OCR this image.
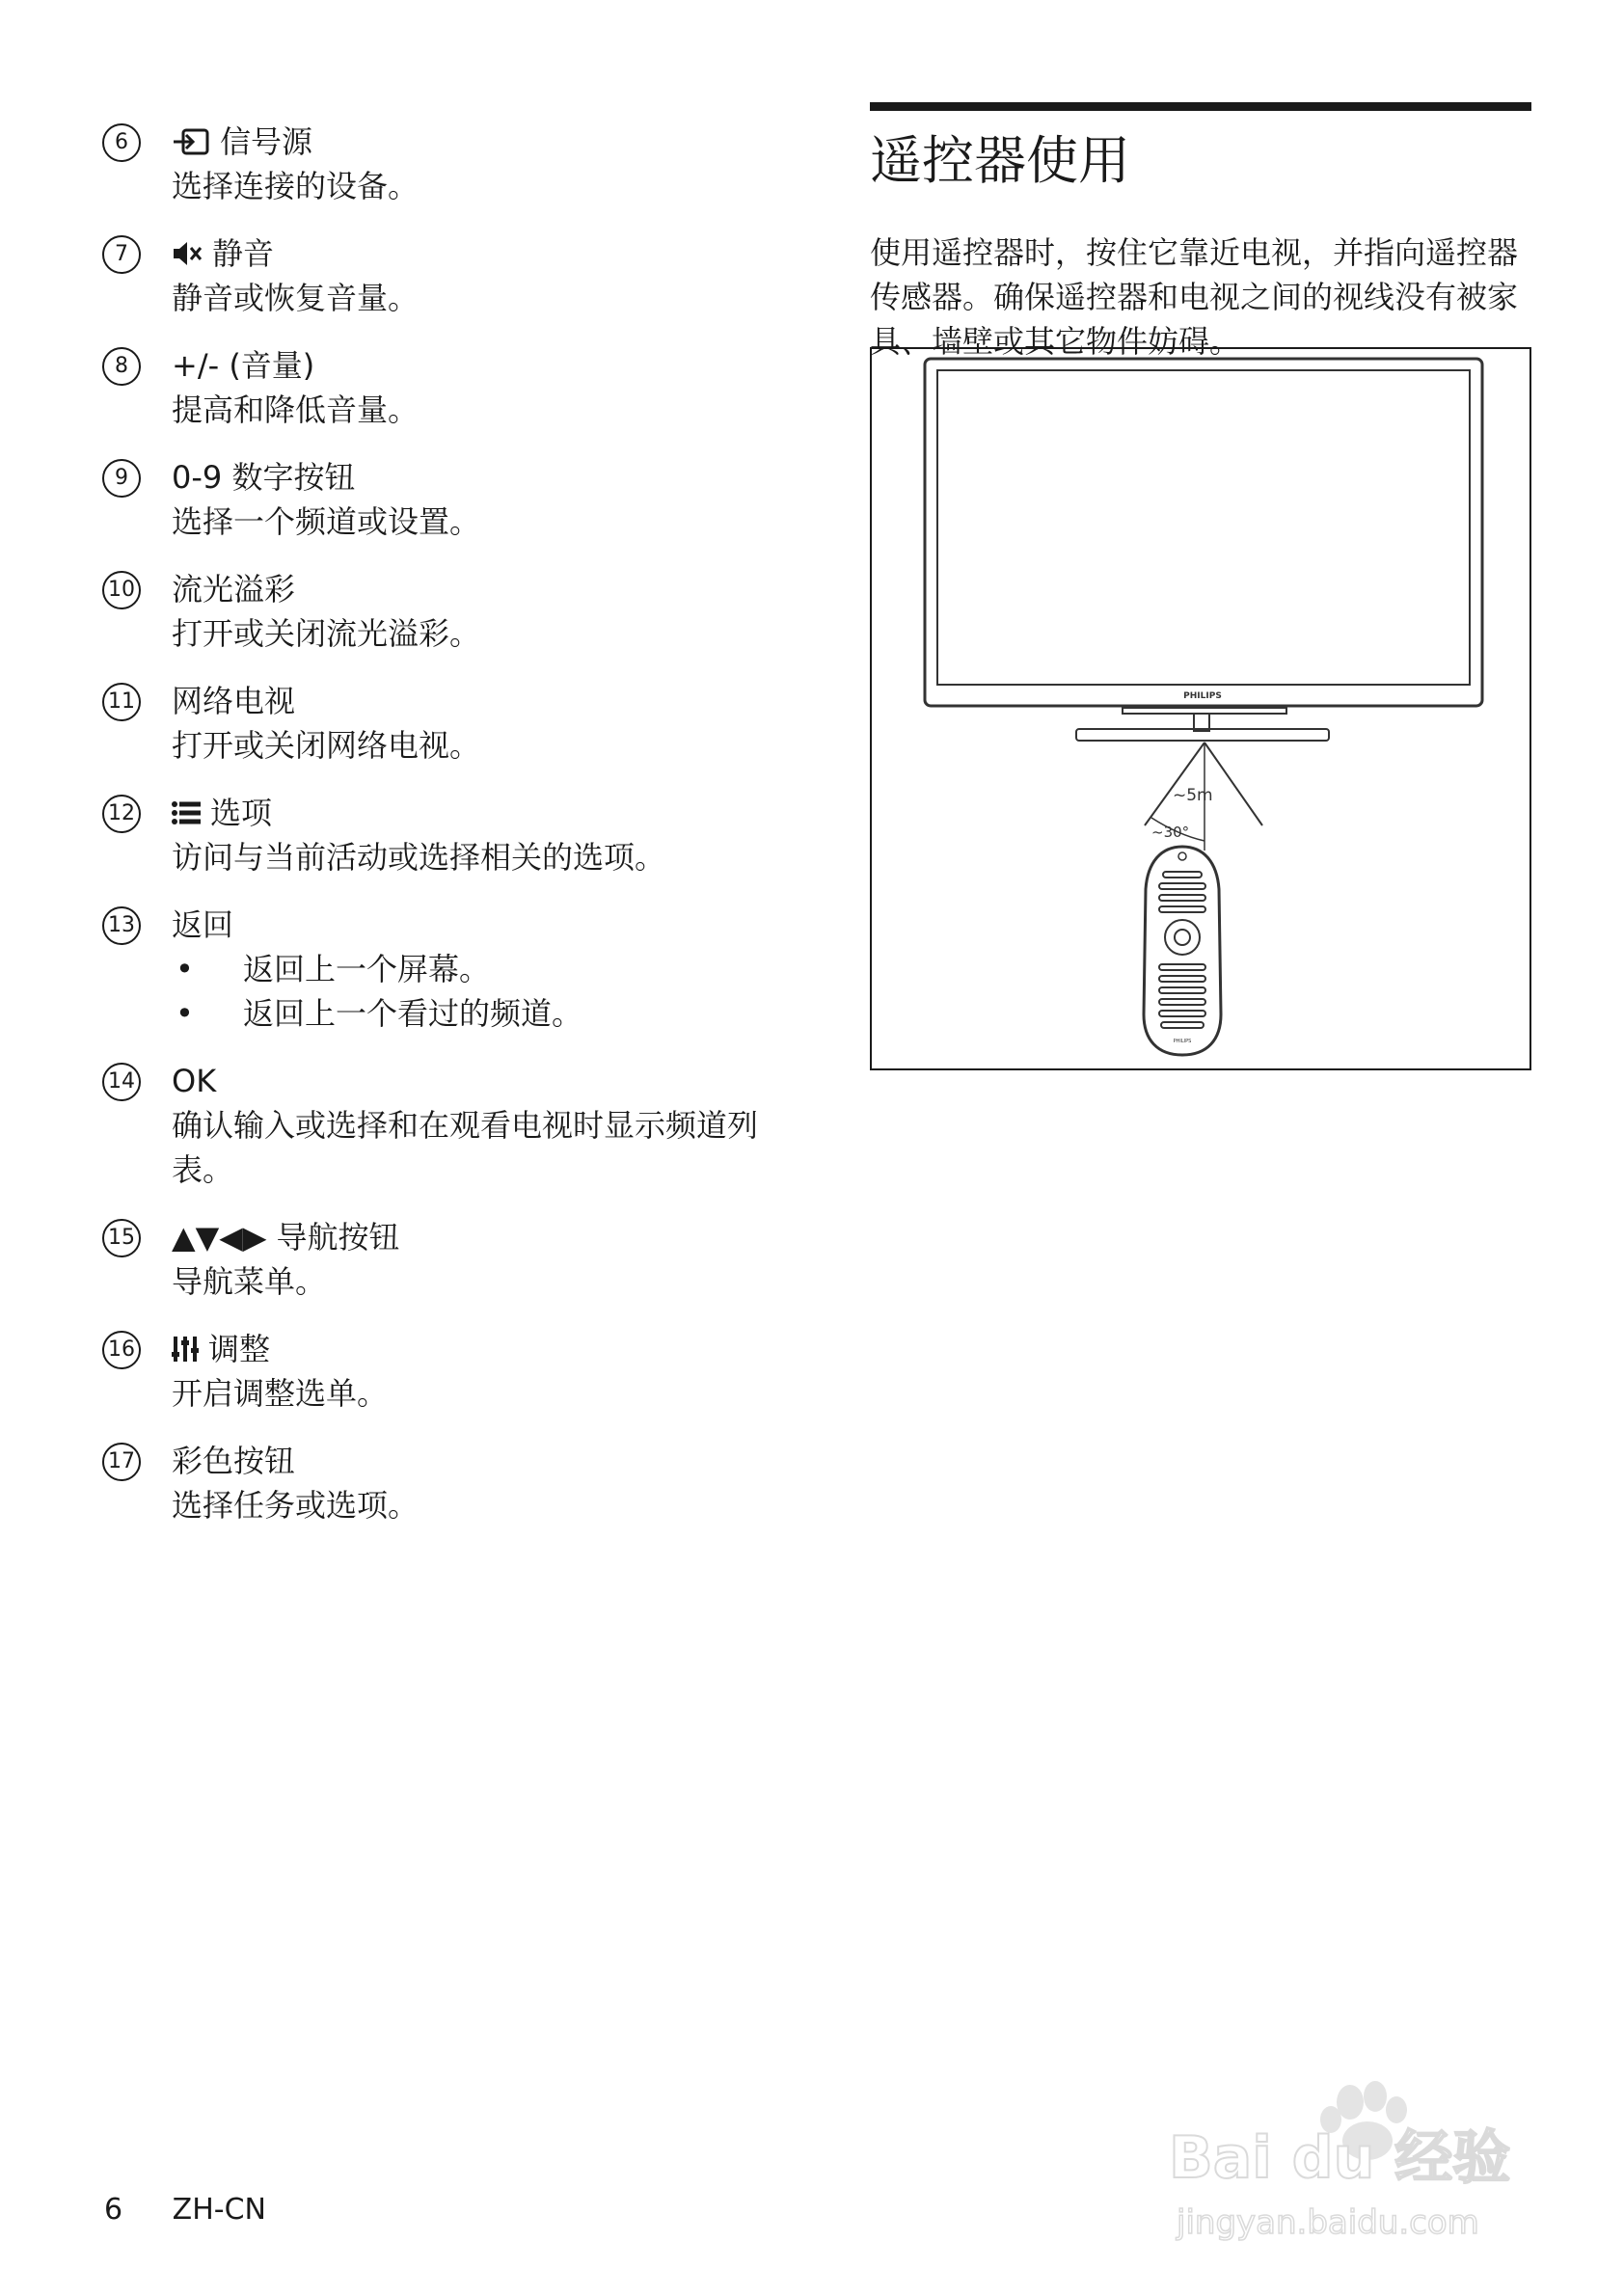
6	信号源
选择连接的设备。
7	静音
静音或恢复音量。
8	+/- (音量)
提高和降低音量。
9	0-9 数字按钮
选择一个频道或设置。
10 流光溢彩
打开或关闭流光溢彩。
11 网络电视
打开或关闭网络电视。
12 选项
访问与当前活动或选择相关的选项。
13 返回
• 返回上一个屏幕。
• 返回上一个看过的频道。
14 OK
确认输入或选择和在观看电视时显示频道列表。
15 ▲▼◀▶ 导航按钮
导航菜单。
16 调整
开启调整选单。
17 彩色按钮
选择任务或选项。
遥控器使用
使用遥控器时，按住它靠近电视，并指向遥控器传感器。确保遥控器和电视之间的视线没有被家具、墙壁或其它物件妨碍。
PHILIPS
~5m
~30°
PHILIPS
6 ZH-CN
Bai du 经验
jingyan.baidu.com
